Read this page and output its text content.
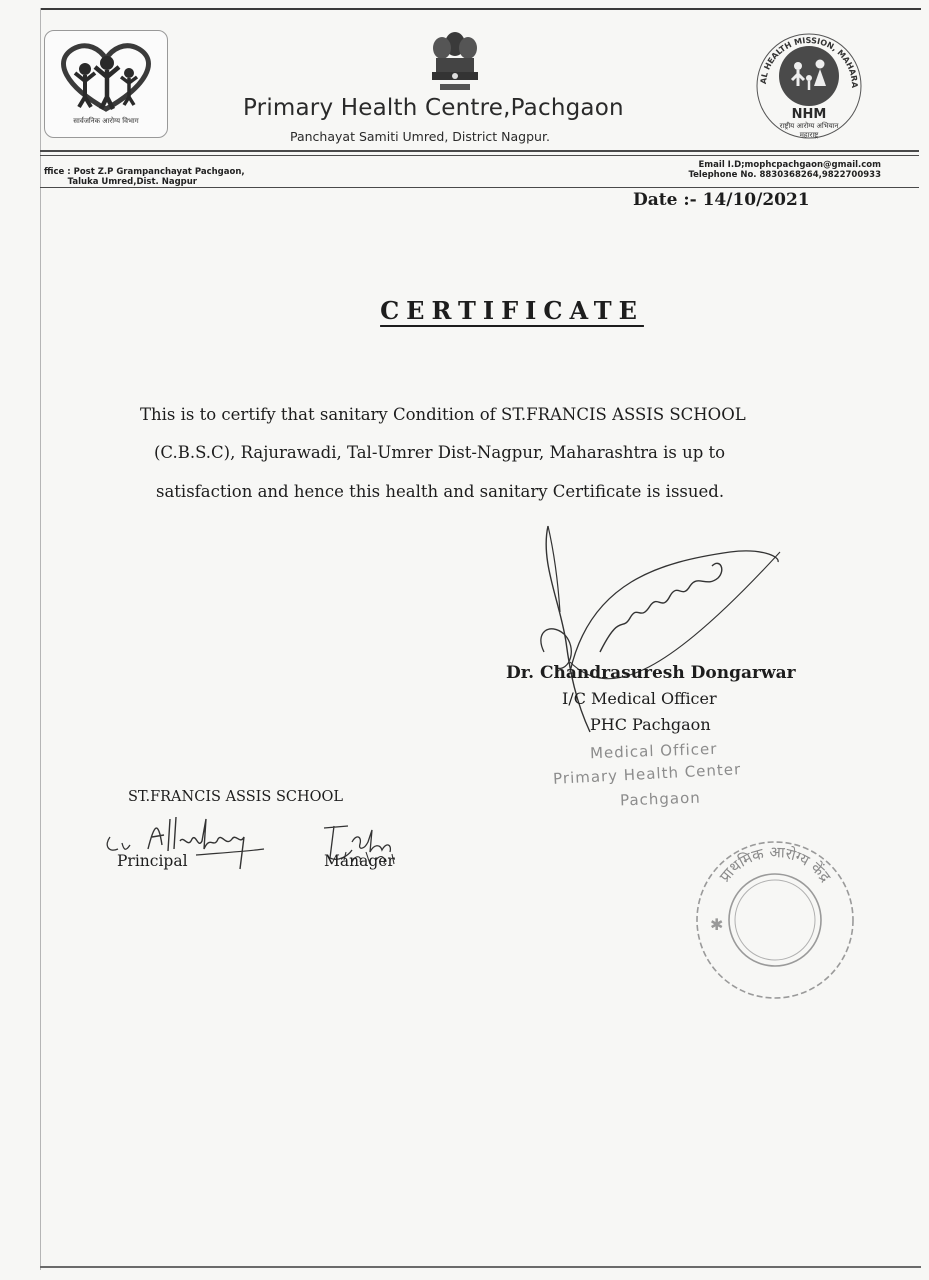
सार्वजनिक आरोग्य विभाग
AL HEALTH MISSION, MAHARA
NHM
राष्ट्रीय आरोग्य अभियान
महाराष्ट्र
Primary Health Centre,Pachgaon
Panchayat Samiti Umred, District Nagpur.
ffice : Post Z.P Grampanchayat Pachgaon,
Taluka Umred,Dist. Nagpur
Email I.D;mophcpachgaon@gmail.com
Telephone No. 8830368264,9822700933
Date :- 14/10/2021
CERTIFICATE
This is to certify that sanitary Condition of ST.FRANCIS ASSIS SCHOOL
(C.B.S.C), Rajurawadi, Tal-Umrer Dist-Nagpur, Maharashtra is up to
satisfaction and hence this health and sanitary Certificate is issued.
Dr. Chandrasuresh Dongarwar
I/C Medical Officer
PHC Pachgaon
Medical Officer
Primary Health Center
Pachgaon
ST.FRANCIS ASSIS SCHOOL
Principal	Manager
प्राथमिक आरोग्य केंद्र
✱
